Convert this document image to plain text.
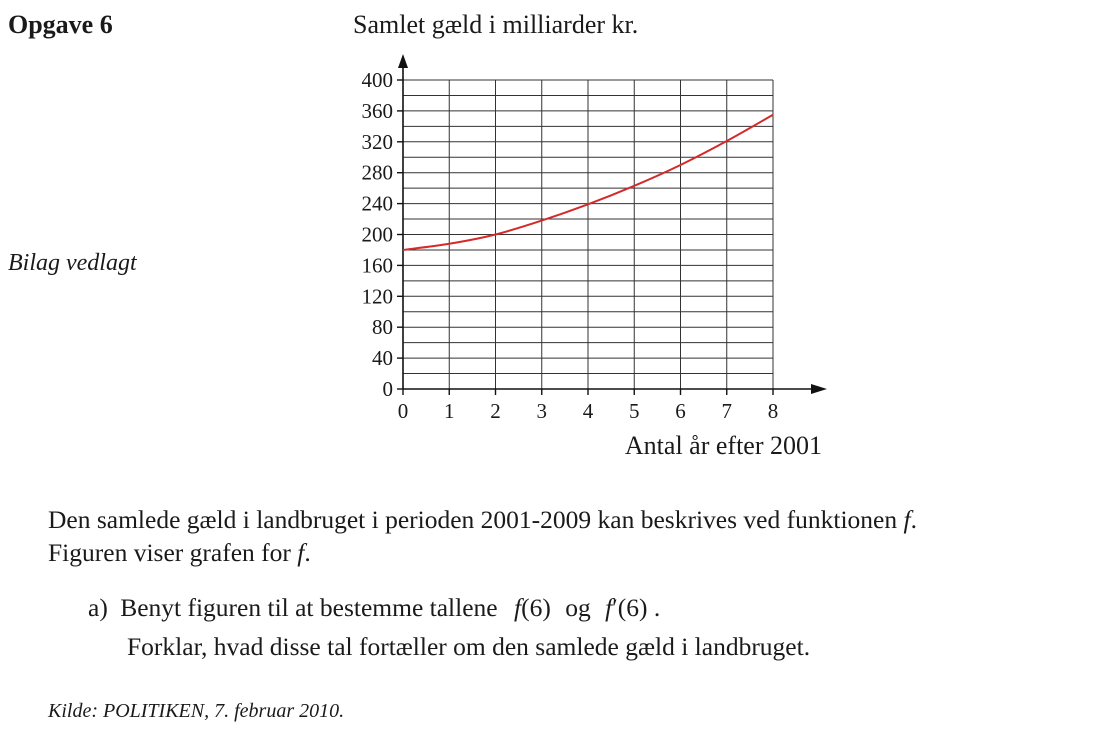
Opgave 6
Bilag vedlagt
Samlet gæld i milliarder kr.
0
40
80
120
160
200
240
280
320
360
400
0 1 2 3 4 5 6 7 8
Antal år efter 2001
Den samlede gæld i landbruget i perioden 2001-2009 kan beskrives ved funktionen f.
Figuren viser grafen for f.
a) Benyt figuren til at bestemme tallene f(6) og f′(6) .
Forklar, hvad disse tal fortæller om den samlede gæld i landbruget.
Kilde: POLITIKEN, 7. februar 2010.
